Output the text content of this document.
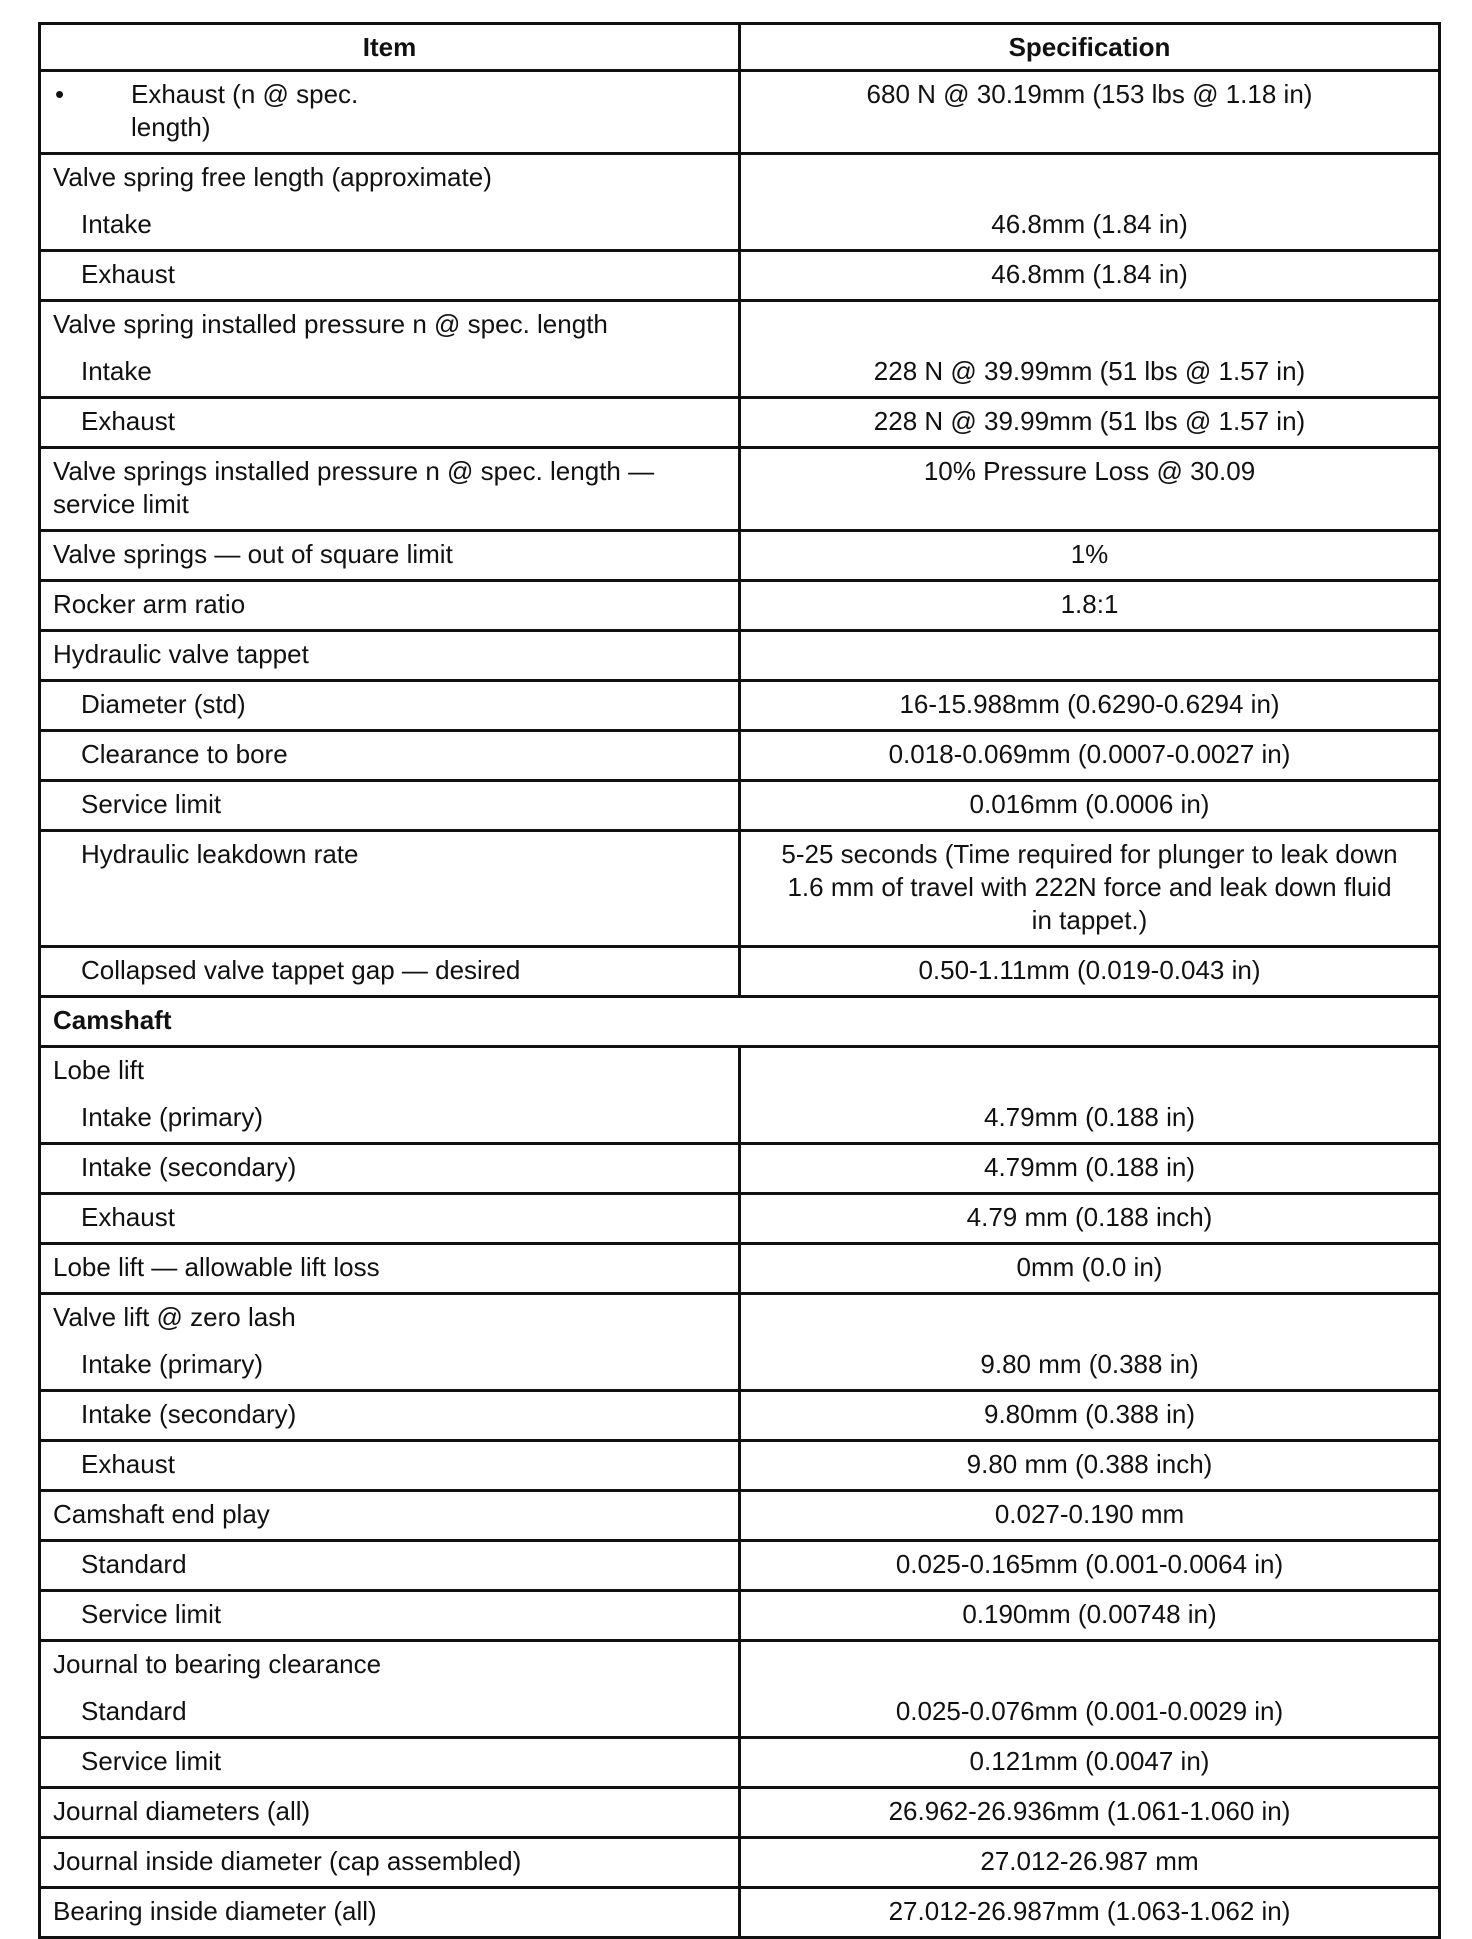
Item	Specification

• Exhaust (n @ spec. length)	680 N @ 30.19mm (153 lbs @ 1.18 in)
Valve spring free length (approximate)	
Intake	46.8mm (1.84 in)
Exhaust	46.8mm (1.84 in)
Valve spring installed pressure n @ spec. length	
Intake	228 N @ 39.99mm (51 lbs @ 1.57 in)
Exhaust	228 N @ 39.99mm (51 lbs @ 1.57 in)
Valve springs installed pressure n @ spec. length — service limit	10% Pressure Loss @ 30.09
Valve springs — out of square limit	1%
Rocker arm ratio	1.8:1
Hydraulic valve tappet	
Diameter (std)	16-15.988mm (0.6290-0.6294 in)
Clearance to bore	0.018-0.069mm (0.0007-0.0027 in)
Service limit	0.016mm (0.0006 in)
Hydraulic leakdown rate	5-25 seconds (Time required for plunger to leak down 1.6 mm of travel with 222N force and leak down fluid in tappet.)
Collapsed valve tappet gap — desired	0.50-1.11mm (0.019-0.043 in)
Camshaft	
Lobe lift	
Intake (primary)	4.79mm (0.188 in)
Intake (secondary)	4.79mm (0.188 in)
Exhaust	4.79 mm (0.188 inch)
Lobe lift — allowable lift loss	0mm (0.0 in)
Valve lift @ zero lash	
Intake (primary)	9.80 mm (0.388 in)
Intake (secondary)	9.80mm (0.388 in)
Exhaust	9.80 mm (0.388 inch)
Camshaft end play	0.027-0.190 mm
Standard	0.025-0.165mm (0.001-0.0064 in)
Service limit	0.190mm (0.00748 in)
Journal to bearing clearance	
Standard	0.025-0.076mm (0.001-0.0029 in)
Service limit	0.121mm (0.0047 in)
Journal diameters (all)	26.962-26.936mm (1.061-1.060 in)
Journal inside diameter (cap assembled)	27.012-26.987 mm
Bearing inside diameter (all)	27.012-26.987mm (1.063-1.062 in)
